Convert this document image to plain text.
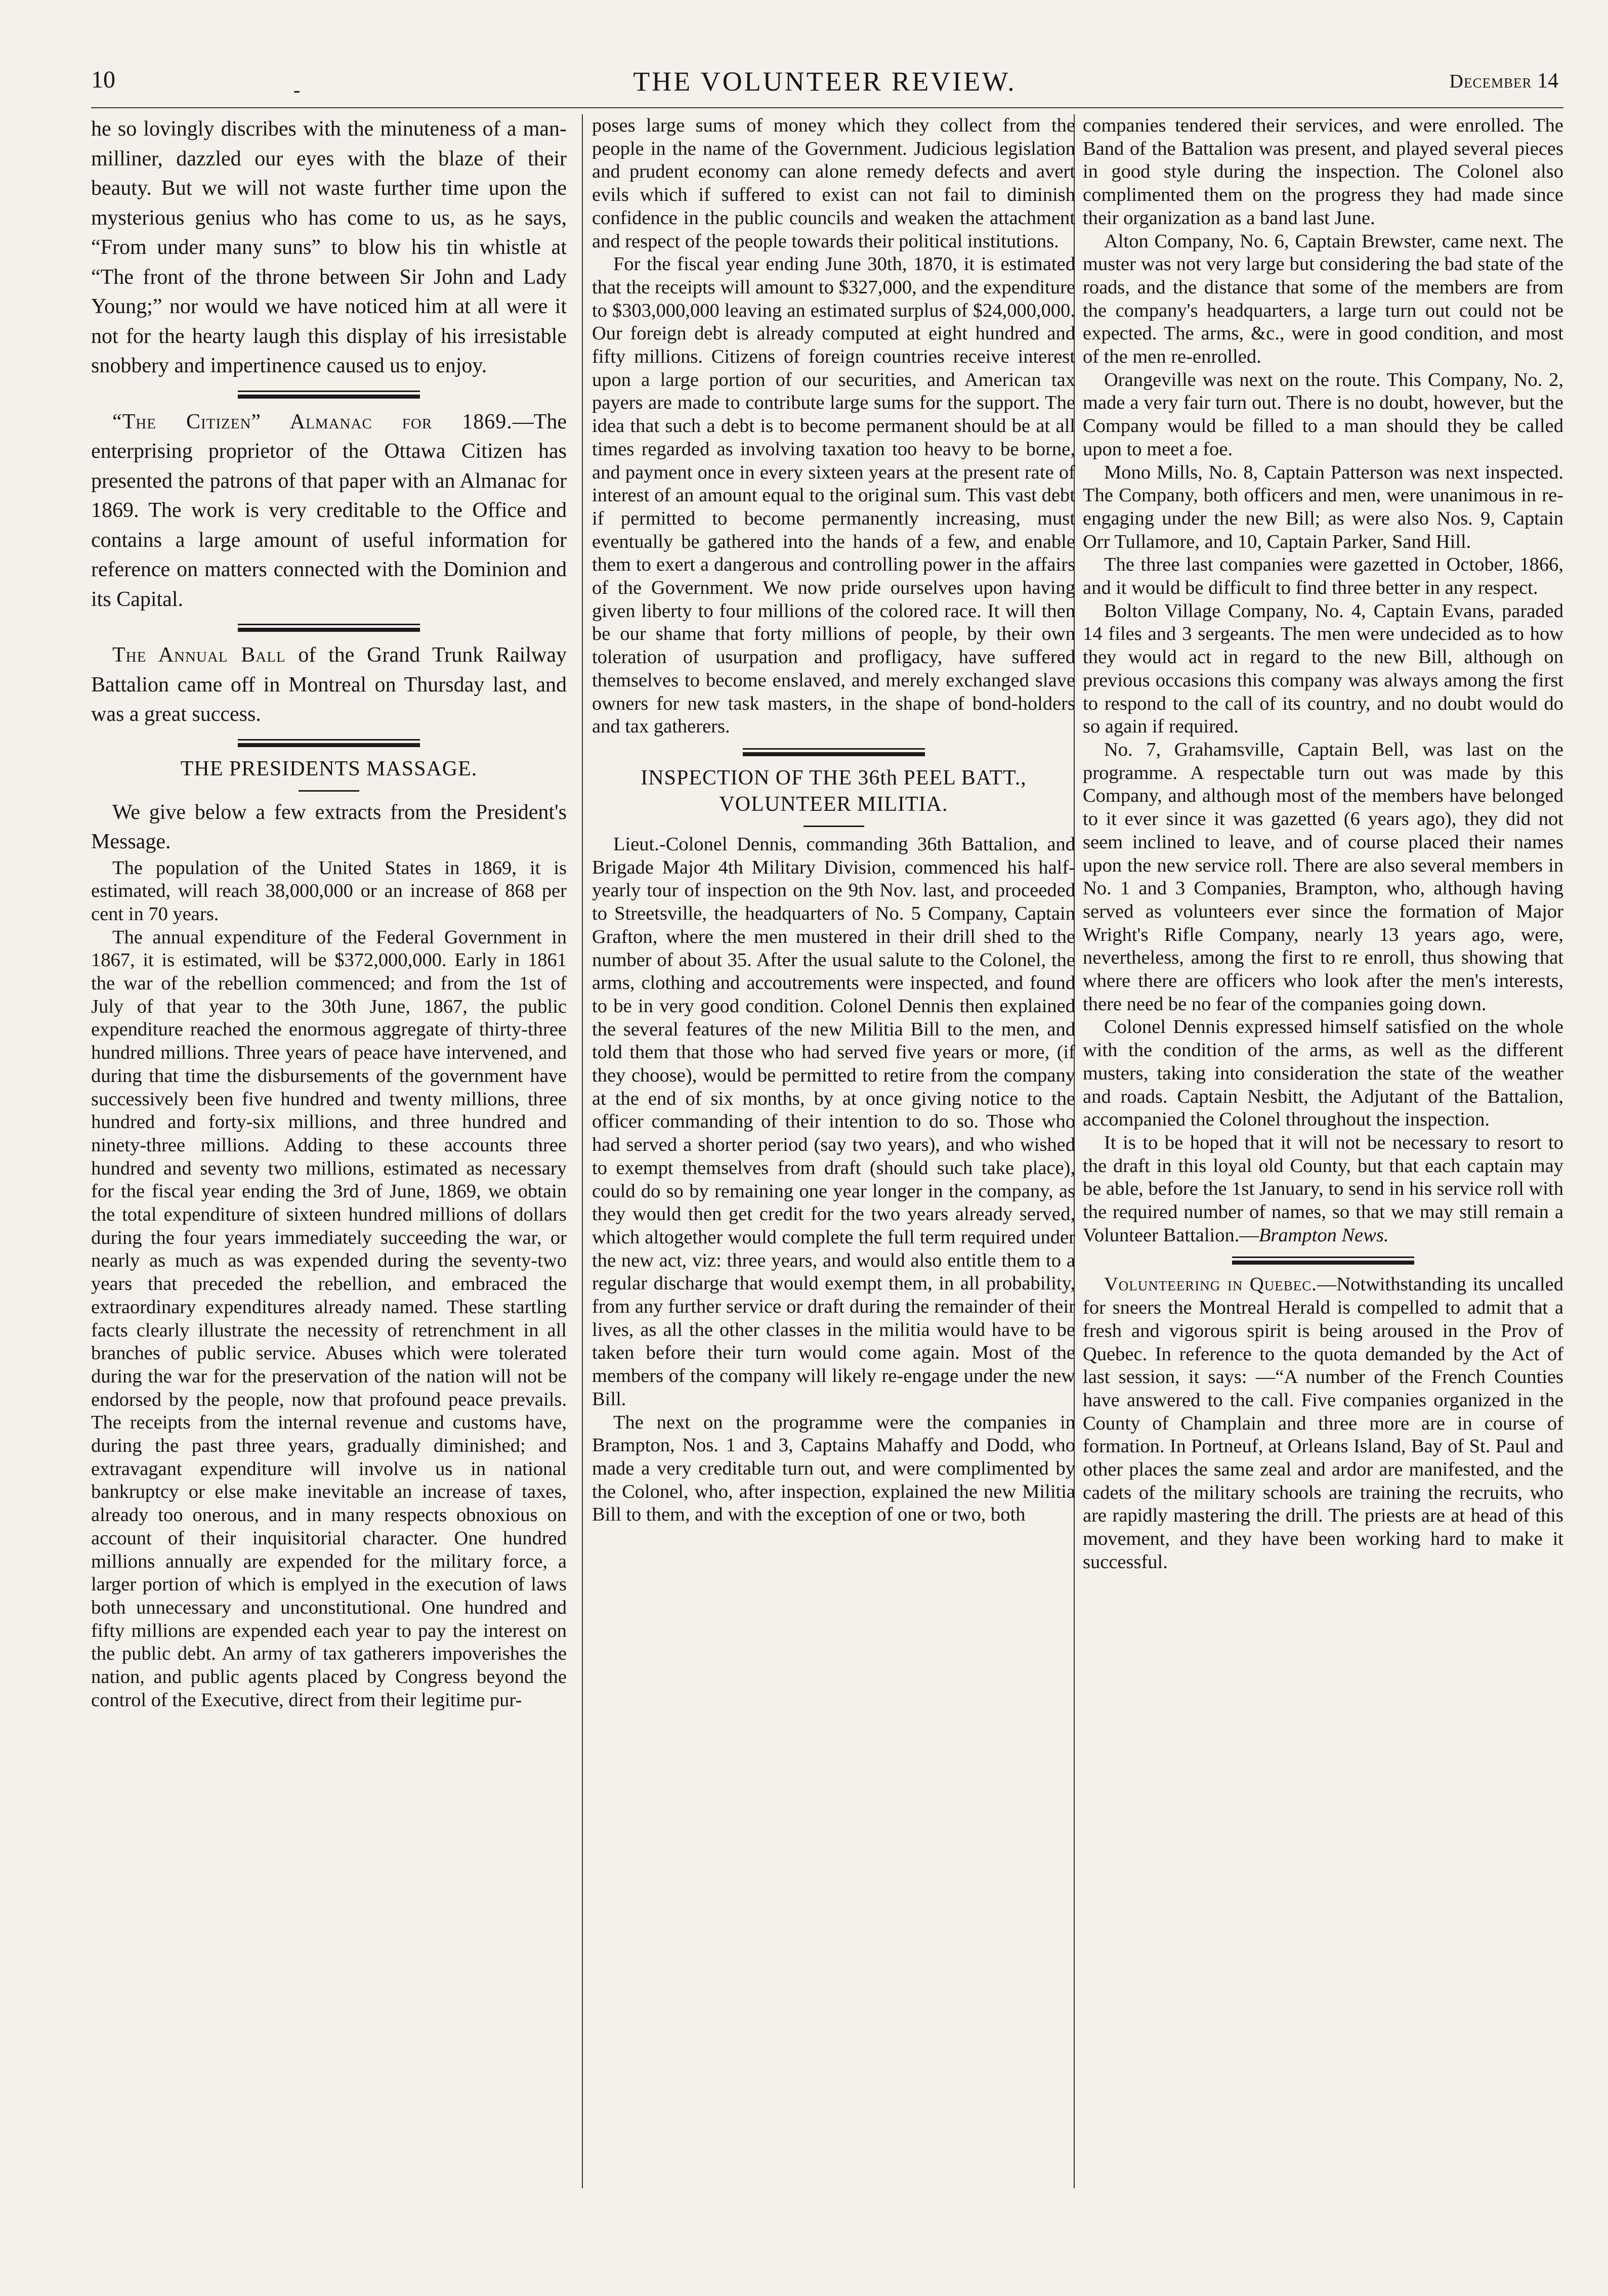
10	-	THE VOLUNTEER REVIEW.	December 14

he so lovingly discribes with the minuteness of a man-milliner, dazzled our eyes with the blaze of their beauty. But we will not waste further time upon the mysterious genius who has come to us, as he says, “From under many suns” to blow his tin whistle at “The front of the throne between Sir John and Lady Young;” nor would we have noticed him at all were it not for the hearty laugh this display of his irresistable snobbery and impertinence caused us to enjoy.

“The Citizen” Almanac for 1869.—The enterprising proprietor of the Ottawa Citizen has presented the patrons of that paper with an Almanac for 1869. The work is very creditable to the Office and contains a large amount of useful information for reference on matters connected with the Dominion and its Capital.

The Annual Ball of the Grand Trunk Railway Battalion came off in Montreal on Thursday last, and was a great success.

THE PRESIDENTS MASSAGE.

We give below a few extracts from the President's Message.

The population of the United States in 1869, it is estimated, will reach 38,000,000 or an increase of 868 per cent in 70 years.

The annual expenditure of the Federal Government in 1867, it is estimated, will be $372,000,000. Early in 1861 the war of the rebellion commenced; and from the 1st of July of that year to the 30th June, 1867, the public expenditure reached the enormous aggregate of thirty-three hundred millions. Three years of peace have intervened, and during that time the disbursements of the government have successively been five hundred and twenty millions, three hundred and forty-six millions, and three hundred and ninety-three millions. Adding to these accounts three hundred and seventy two millions, estimated as necessary for the fiscal year ending the 3rd of June, 1869, we obtain the total expenditure of sixteen hundred millions of dollars during the four years immediately succeeding the war, or nearly as much as was expended during the seventy-two years that preceded the rebellion, and embraced the extraordinary expenditures already named. These startling facts clearly illustrate the necessity of retrenchment in all branches of public service. Abuses which were tolerated during the war for the preservation of the nation will not be endorsed by the people, now that profound peace prevails. The receipts from the internal revenue and customs have, during the past three years, gradually diminished; and extravagant expenditure will involve us in national bankruptcy or else make inevitable an increase of taxes, already too onerous, and in many respects obnoxious on account of their inquisitorial character. One hundred millions annually are expended for the military force, a larger portion of which is emplyed in the execution of laws both unnecessary and unconstitutional. One hundred and fifty millions are expended each year to pay the interest on the public debt. An army of tax gatherers impoverishes the nation, and public agents placed by Congress beyond the control of the Executive, direct from their legitime pur-

poses large sums of money which they collect from the people in the name of the Government. Judicious legislation and prudent economy can alone remedy defects and avert evils which if suffered to exist can not fail to diminish confidence in the public councils and weaken the attachment and respect of the people towards their political institutions.

For the fiscal year ending June 30th, 1870, it is estimated that the receipts will amount to $327,000, and the expenditure to $303,000,000 leaving an estimated surplus of $24,000,000. Our foreign debt is already computed at eight hundred and fifty millions. Citizens of foreign countries receive interest upon a large portion of our securities, and American tax payers are made to contribute large sums for the support. The idea that such a debt is to become permanent should be at all times regarded as involving taxation too heavy to be borne, and payment once in every sixteen years at the present rate of interest of an amount equal to the original sum. This vast debt if permitted to become permanently increasing, must eventually be gathered into the hands of a few, and enable them to exert a dangerous and controlling power in the affairs of the Government. We now pride ourselves upon having given liberty to four millions of the colored race. It will then be our shame that forty millions of people, by their own toleration of usurpation and profligacy, have suffered themselves to become enslaved, and merely exchanged slave owners for new task masters, in the shape of bond-holders and tax gatherers.

INSPECTION OF THE 36th PEEL BATT., VOLUNTEER MILITIA.

Lieut.-Colonel Dennis, commanding 36th Battalion, and Brigade Major 4th Military Division, commenced his half-yearly tour of inspection on the 9th Nov. last, and proceeded to Streetsville, the headquarters of No. 5 Company, Captain Grafton, where the men mustered in their drill shed to the number of about 35. After the usual salute to the Colonel, the arms, clothing and accoutrements were inspected, and found to be in very good condition. Colonel Dennis then explained the several features of the new Militia Bill to the men, and told them that those who had served five years or more, (if they choose), would be permitted to retire from the company at the end of six months, by at once giving notice to the officer commanding of their intention to do so. Those who had served a shorter period (say two years), and who wished to exempt themselves from draft (should such take place), could do so by remaining one year longer in the company, as they would then get credit for the two years already served, which altogether would complete the full term required under the new act, viz: three years, and would also entitle them to a regular discharge that would exempt them, in all probability, from any further service or draft during the remainder of their lives, as all the other classes in the militia would have to be taken before their turn would come again. Most of the members of the company will likely re-engage under the new Bill.

The next on the programme were the companies in Brampton, Nos. 1 and 3, Captains Mahaffy and Dodd, who made a very creditable turn out, and were complimented by the Colonel, who, after inspection, explained the new Militia Bill to them, and with the exception of one or two, both

companies tendered their services, and were enrolled. The Band of the Battalion was present, and played several pieces in good style during the inspection. The Colonel also complimented them on the progress they had made since their organization as a band last June.

Alton Company, No. 6, Captain Brewster, came next. The muster was not very large but considering the bad state of the roads, and the distance that some of the members are from the company's headquarters, a large turn out could not be expected. The arms, &c., were in good condition, and most of the men re-enrolled.

Orangeville was next on the route. This Company, No. 2, made a very fair turn out. There is no doubt, however, but the Company would be filled to a man should they be called upon to meet a foe.

Mono Mills, No. 8, Captain Patterson was next inspected. The Company, both officers and men, were unanimous in re-engaging under the new Bill; as were also Nos. 9, Captain Orr Tullamore, and 10, Captain Parker, Sand Hill.

The three last companies were gazetted in October, 1866, and it would be difficult to find three better in any respect.

Bolton Village Company, No. 4, Captain Evans, paraded 14 files and 3 sergeants. The men were undecided as to how they would act in regard to the new Bill, although on previous occasions this company was always among the first to respond to the call of its country, and no doubt would do so again if required.

No. 7, Grahamsville, Captain Bell, was last on the programme. A respectable turn out was made by this Company, and although most of the members have belonged to it ever since it was gazetted (6 years ago), they did not seem inclined to leave, and of course placed their names upon the new service roll. There are also several members in No. 1 and 3 Companies, Brampton, who, although having served as volunteers ever since the formation of Major Wright's Rifle Company, nearly 13 years ago, were, nevertheless, among the first to re enroll, thus showing that where there are officers who look after the men's interests, there need be no fear of the companies going down.

Colonel Dennis expressed himself satisfied on the whole with the condition of the arms, as well as the different musters, taking into consideration the state of the weather and roads. Captain Nesbitt, the Adjutant of the Battalion, accompanied the Colonel throughout the inspection.

It is to be hoped that it will not be necessary to resort to the draft in this loyal old County, but that each captain may be able, before the 1st January, to send in his service roll with the required number of names, so that we may still remain a Volunteer Battalion.—Brampton News.

Volunteering in Quebec.—Notwithstanding its uncalled for sneers the Montreal Herald is compelled to admit that a fresh and vigorous spirit is being aroused in the Prov of Quebec. In reference to the quota demanded by the Act of last session, it says: —“A number of the French Counties have answered to the call. Five companies organized in the County of Champlain and three more are in course of formation. In Portneuf, at Orleans Island, Bay of St. Paul and other places the same zeal and ardor are manifested, and the cadets of the military schools are training the recruits, who are rapidly mastering the drill. The priests are at head of this movement, and they have been working hard to make it successful.
